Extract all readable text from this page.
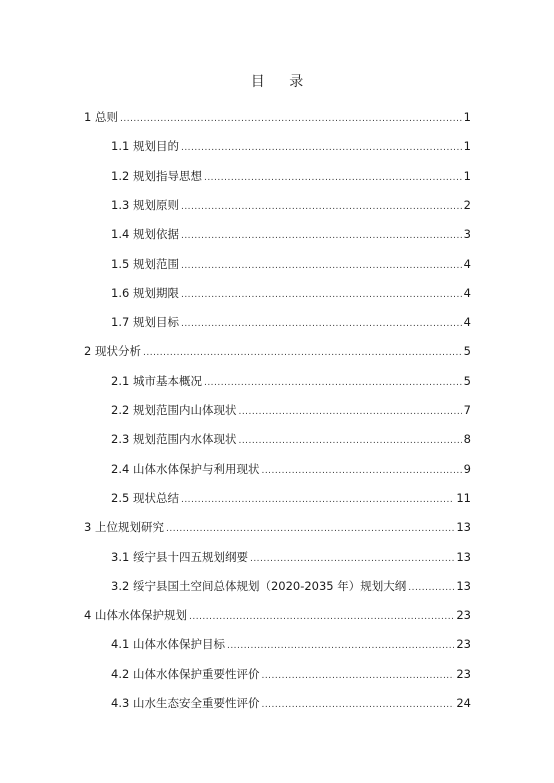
目 录
1 总则 .....	1
1.1 规划目的 .....	1
1.2 规划指导思想 .....	1
1.3 规划原则 .....	2
1.4 规划依据 .....	3
1.5 规划范围 .....	4
1.6 规划期限 .....	4
1.7 规划目标 .....	4
2 现状分析 .....	5
2.1 城市基本概况 .....	5
2.2 规划范围内山体现状 .....	7
2.3 规划范围内水体现状 .....	8
2.4 山体水体保护与利用现状 .....	9
2.5 现状总结 .....	11
3 上位规划研究 .....	13
3.1 绥宁县十四五规划纲要 .....	13
3.2 绥宁县国土空间总体规划（2020-2035 年）规划大纲 .....	13
4 山体水体保护规划 .....	23
4.1 山体水体保护目标 .....	23
4.2 山体水体保护重要性评价 .....	23
4.3 山水生态安全重要性评价 .....	24
